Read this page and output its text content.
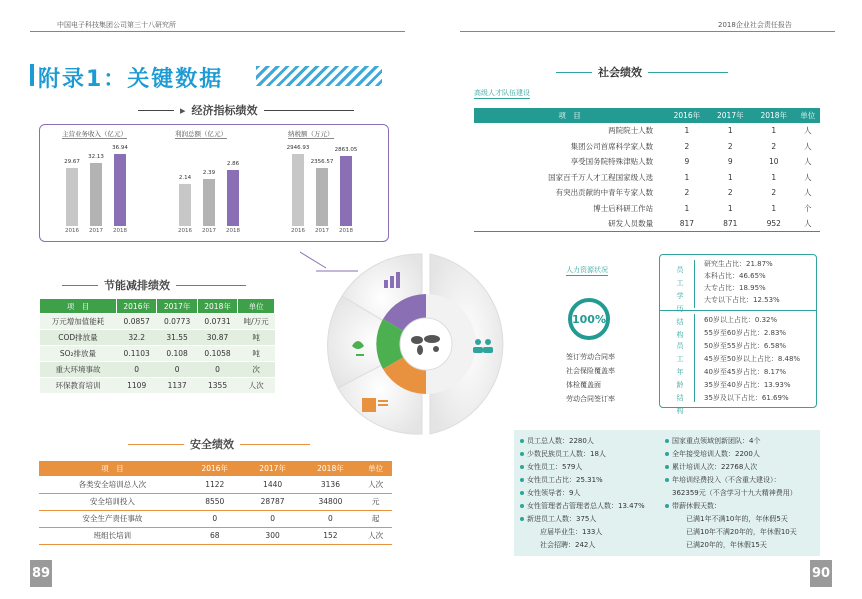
中国电子科技集团公司第三十八研究所	2018企业社会责任报告
附录1：关键数据
▸ 经济指标绩效
主营业务收入（亿元）
29.67
2016
32.13
2017
36.94
2018
利润总额（亿元）
2.14
2016
2.39
2017
2.86
2018
纳税额（万元）
2946.93
2016
2356.57
2017
2863.05
2018
节能减排绩效
项　目	2016年	2017年	2018年	单位
万元增加值能耗	0.0857	0.0773	0.0731	吨/万元
COD排放量	32.2	31.55	30.87	吨
SO₂排放量	0.1103	0.108	0.1058	吨
重大环境事故	0	0	0	次
环保教育培训	1109	1137	1355	人次
安全绩效
项　目	2016年	2017年	2018年	单位
各类安全培训总人次	1122	1440	3136	人次
安全培训投入	8550	28787	34800	元
安全生产责任事故	0	0	0	起
班组长培训	68	300	152	人次
社会绩效
高级人才队伍建设
项　目	2016年	2017年	2018年	单位
两院院士人数	1	1	1	人
集团公司首席科学家人数	2	2	2	人
享受国务院特殊津贴人数	9	9	10	人
国家百千万人才工程国家级人选	1	1	1	人
有突出贡献的中青年专家人数	2	2	2	人
博士后科研工作站	1	1	1	个
研发人员数量	817	871	952	人
人力资源状况
100%
签订劳动合同率
社会保险覆盖率
体检覆盖面
劳动合同签订率
员工学历结构
员工年龄结构
研究生占比：21.87%
本科占比：46.65%
大专占比：18.95%
大专以下占比：12.53%
60岁以上占比：0.32%
55岁至60岁占比：2.83%
50岁至55岁占比：6.58%
45岁至50岁以上占比：8.48%
40岁至45岁占比：8.17%
35岁至40岁占比：13.93%
35岁及以下占比：61.69%
员工总人数：2280人
少数民族员工人数：18人
女性员工：579人
女性员工占比：25.31%
女性领导者：9人
女性管理者占管理者总人数：13.47%
新进员工人数：375人
应届毕业生：133人
社会招聘：242人
国家重点领域创新团队：4个
全年接受培训人数：2200人
累计培训人次：22768人次
年培训经费投入（不含重大建设）：
362359元（不含学习十九大精神费用）
带薪休假天数：
已满1年不满10年的，年休假5天
已满10年不满20年的，年休假10天
已满20年的，年休假15天
89	90
